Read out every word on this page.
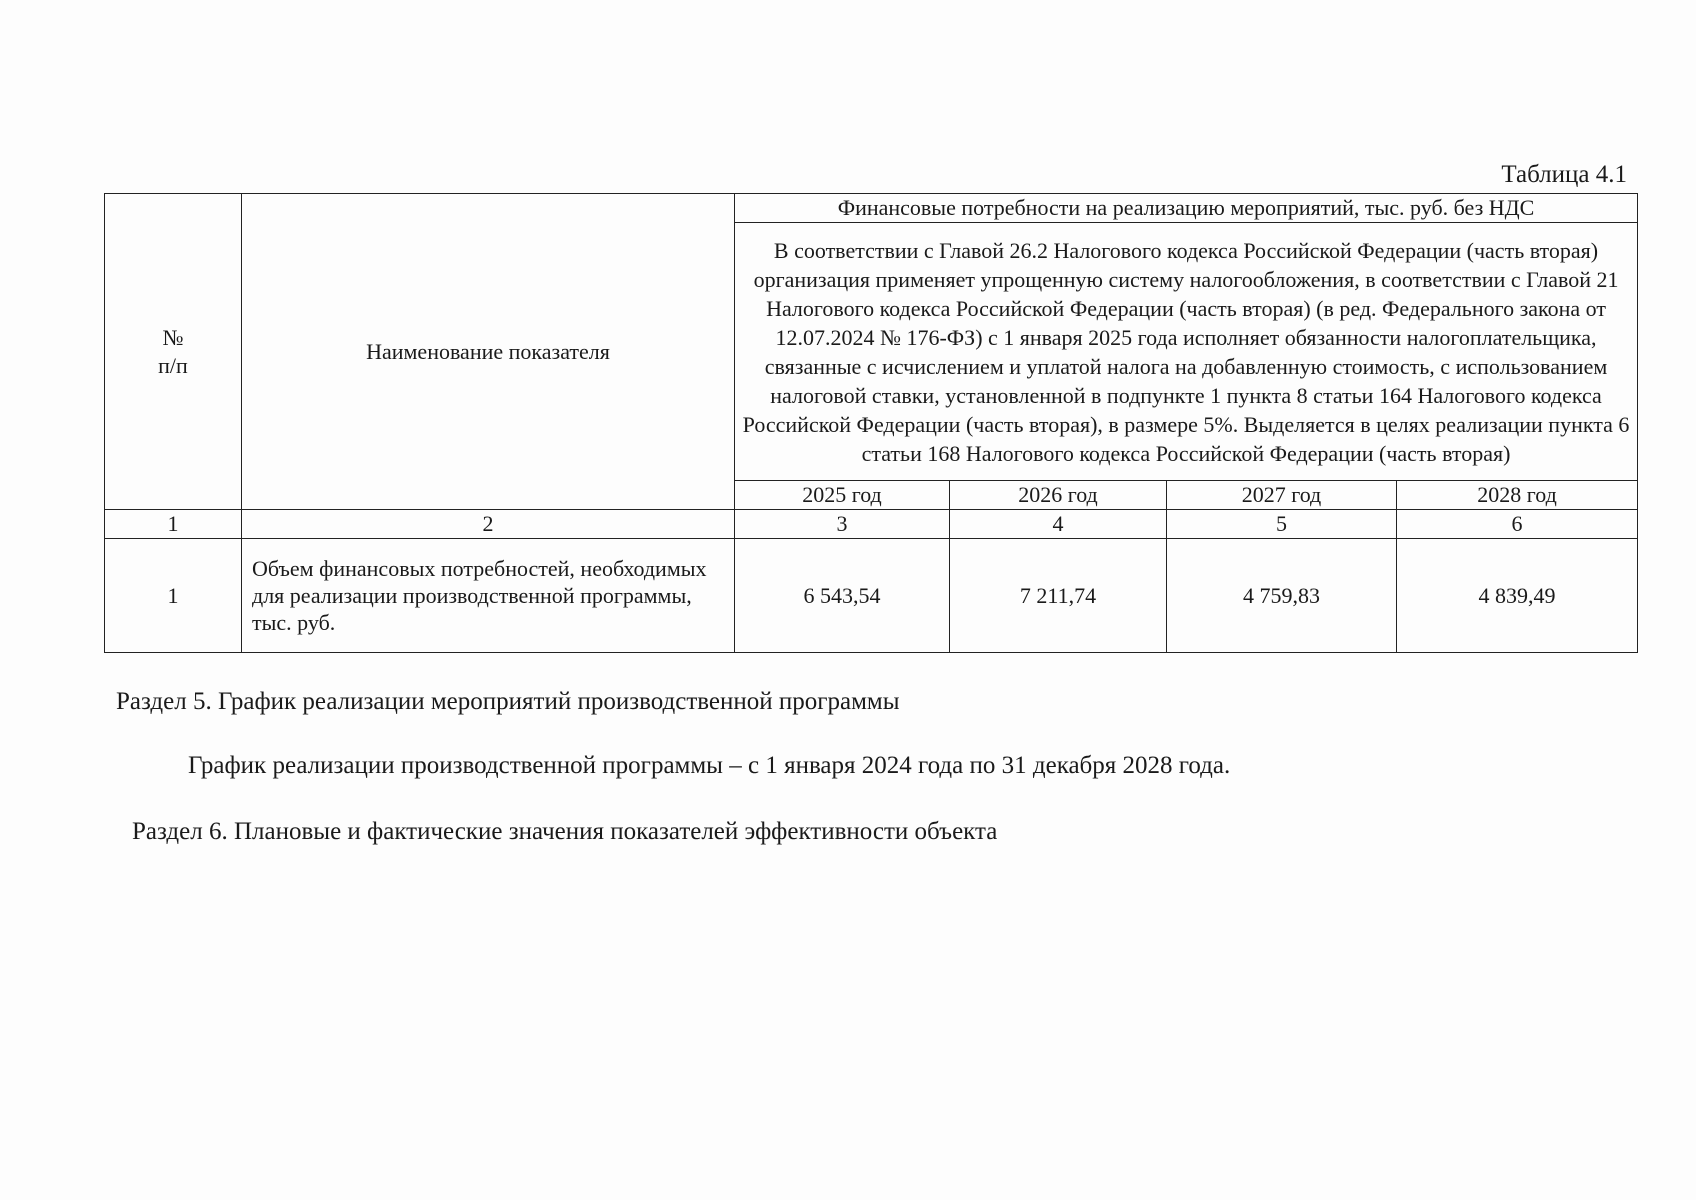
Таблица 4.1
№
п/п	Наименование показателя	Финансовые потребности на реализацию мероприятий, тыс. руб. без НДС			
		В соответствии с Главой 26.2 Налогового кодекса Российской Федерации (часть вторая) организация применяет упрощенную систему налогообложения, в соответствии с Главой 21 Налогового кодекса Российской Федерации (часть вторая) (в ред. Федерального закона от 12.07.2024 № 176-ФЗ) с 1 января 2025 года исполняет обязанности налогоплательщика, связанные с исчислением и уплатой налога на добавленную стоимость, с использованием налоговой ставки, установленной в подпункте 1 пункта 8 статьи 164 Налогового кодекса Российской Федерации (часть вторая), в размере 5%. Выделяется в целях реализации пункта 6 статьи 168 Налогового кодекса Российской Федерации (часть вторая)			
		2025 год	2026 год	2027 год	2028 год
1	2	3	4	5	6
1	Объем финансовых потребностей, необходимых для реализации производственной программы, тыс. руб.	6 543,54	7 211,74	4 759,83	4 839,49
Раздел 5. График реализации мероприятий производственной программы
График реализации производственной программы – с 1 января 2024 года по 31 декабря 2028 года.
Раздел 6. Плановые и фактические значения показателей эффективности объекта
